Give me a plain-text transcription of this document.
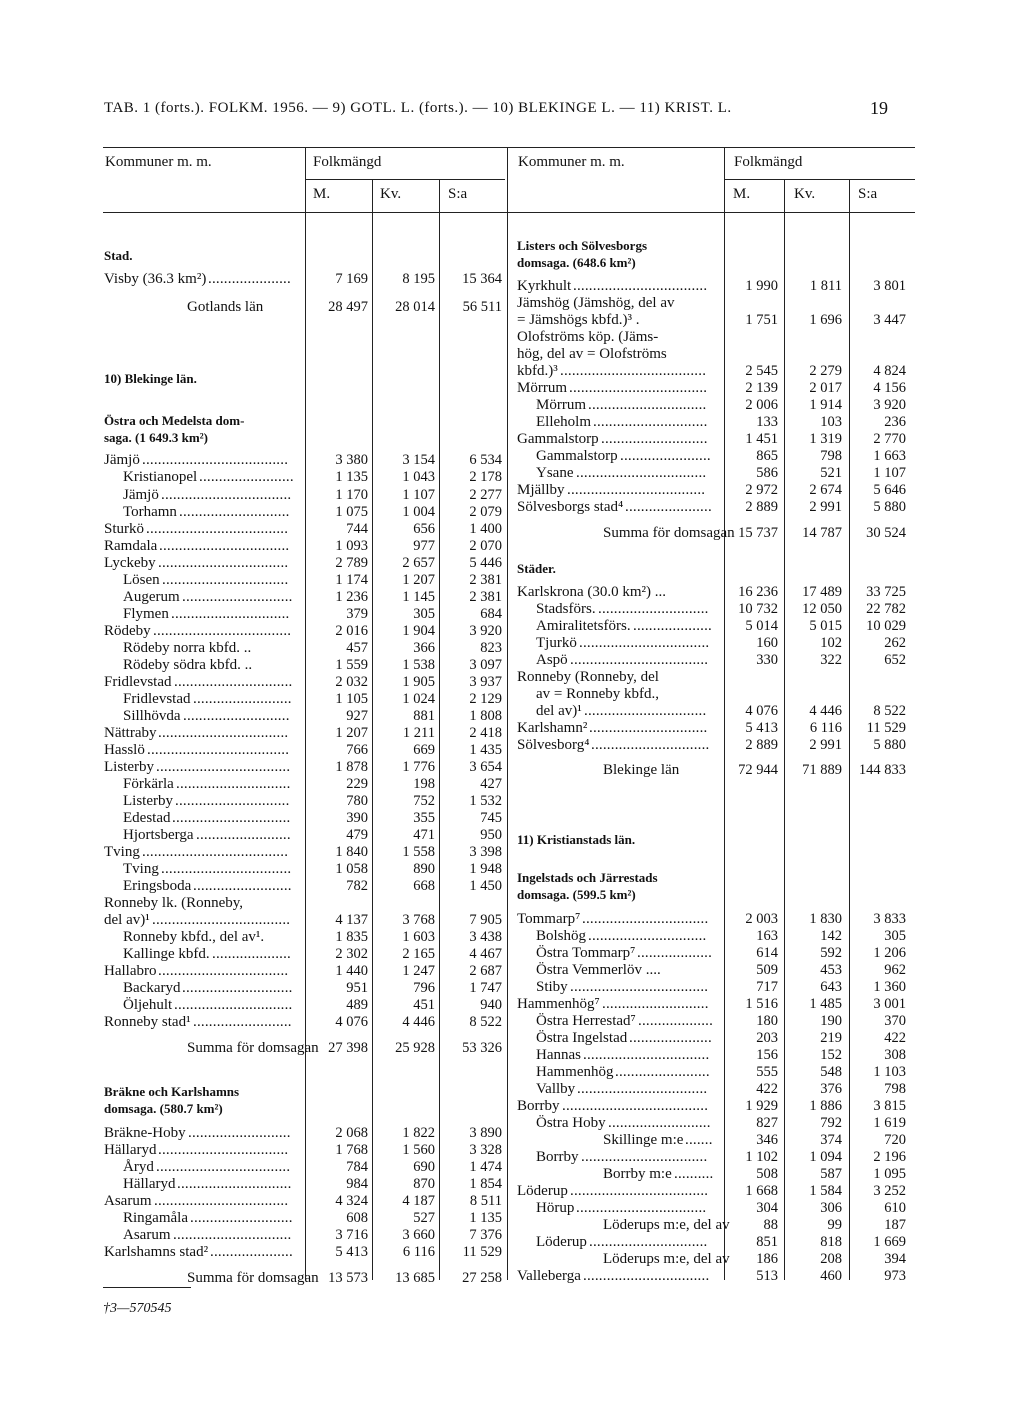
TAB. 1 (forts.). FOLKM. 1956. — 9) GOTL. L. (forts.). — 10) BLEKINGE L. — 11) KRIST. L.	19
Kommuner m. m.	Folkmängd	Kommuner m. m.	Folkmängd
M.	Kv.	S:a	M.	Kv.	S:a
Stad.
Visby (36.3 km²) .....................	7 169	8 195	15 364
Gotlands län	28 497	28 014	56 511
10) Blekinge län.
Östra och Medelsta dom-
saga. (1 649.3 km²)
Jämjö .....................................	3 380	3 154	6 534
Kristianopel ........................	1 135	1 043	2 178
Jämjö .................................	1 170	1 107	2 277
Torhamn ............................	1 075	1 004	2 079
Sturkö ....................................	744	656	1 400
Ramdala .................................	1 093	977	2 070
Lyckeby .................................	2 789	2 657	5 446
Lösen ................................	1 174	1 207	2 381
Augerum ............................	1 236	1 145	2 381
Flymen ..............................	379	305	684
Rödeby ...................................	2 016	1 904	3 920
Rödeby norra kbfd. ..	457	366	823
Rödeby södra kbfd. ..	1 559	1 538	3 097
Fridlevstad ..............................	2 032	1 905	3 937
Fridlevstad .........................	1 105	1 024	2 129
Sillhövda ...........................	927	881	1 808
Nättraby .................................	1 207	1 211	2 418
Hasslö ....................................	766	669	1 435
Listerby ..................................	1 878	1 776	3 654
Förkärla .............................	229	198	427
Listerby .............................	780	752	1 532
Edestad ..............................	390	355	745
Hjortsberga ........................	479	471	950
Tving .....................................	1 840	1 558	3 398
Tving .................................	1 058	890	1 948
Eringsboda .........................	782	668	1 450
Ronneby lk. (Ronneby,
del av)¹ ...................................	4 137	3 768	7 905
Ronneby kbfd., del av¹.	1 835	1 603	3 438
Kallinge kbfd. ....................	2 302	2 165	4 467
Hallabro .................................	1 440	1 247	2 687
Backaryd ............................	951	796	1 747
Öljehult ..............................	489	451	940
Ronneby stad¹ .........................	4 076	4 446	8 522
Summa för domsagan 27 398	25 928	53 326
Bräkne och Karlshamns
domsaga. (580.7 km²)
Bräkne-Hoby ..........................	2 068	1 822	3 890
Hällaryd .................................	1 768	1 560	3 328
Åryd ..................................	784	690	1 474
Hällaryd .............................	984	870	1 854
Asarum ..................................	4 324	4 187	8 511
Ringamåla ..........................	608	527	1 135
Asarum ..............................	3 716	3 660	7 376
Karlshamns stad² .....................	5 413	6 116	11 529
Summa för domsagan 13 573	13 685	27 258
Listers och Sölvesborgs
domsaga. (648.6 km²)
Kyrkhult ..................................	1 990	1 811	3 801
Jämshög (Jämshög, del av
= Jämshögs kbfd.)³ .	1 751	1 696	3 447
Olofströms köp. (Jäms-
hög, del av = Olofströms
kbfd.)³ .....................................	2 545	2 279	4 824
Mörrum ...................................	2 139	2 017	4 156
Mörrum ..............................	2 006	1 914	3 920
Elleholm .............................	133	103	236
Gammalstorp ...........................	1 451	1 319	2 770
Gammalstorp .......................	865	798	1 663
Ysane .................................	586	521	1 107
Mjällby ...................................	2 972	2 674	5 646
Sölvesborgs stad⁴ ......................	2 889	2 991	5 880
Summa för domsagan 15 737	14 787	30 524
Städer.
Karlskrona (30.0 km²) ...	16 236	17 489	33 725
Stadsförs. ............................	10 732	12 050	22 782
Amiralitetsförs. ....................	5 014	5 015	10 029
Tjurkö .................................	160	102	262
Aspö ...................................	330	322	652
Ronneby (Ronneby, del
av = Ronneby kbfd.,
del av)¹ ...............................	4 076	4 446	8 522
Karlshamn² ..............................	5 413	6 116	11 529
Sölvesborg⁴ ..............................	2 889	2 991	5 880
Blekinge län	72 944	71 889	144 833
11) Kristianstads län.
Ingelstads och Järrestads
domsaga. (599.5 km²)
Tommarp⁷ ................................	2 003	1 830	3 833
Bolshög ..............................	163	142	305
Östra Tommarp⁷ ...................	614	592	1 206
Östra Vemmerlöv ....	509	453	962
Stiby ...................................	717	643	1 360
Hammenhög⁷ ...........................	1 516	1 485	3 001
Östra Herrestad⁷ ...................	180	190	370
Östra Ingelstad .....................	203	219	422
Hannas ................................	156	152	308
Hammenhög ........................	555	548	1 103
Vallby .................................	422	376	798
Borrby .....................................	1 929	1 886	3 815
Östra Hoby ..........................	827	792	1 619
Skillinge m:e .......	346	374	720
Borrby ................................	1 102	1 094	2 196
Borrby m:e ..........	508	587	1 095
Löderup ...................................	1 668	1 584	3 252
Hörup .................................	304	306	610
Löderups m:e, del av	88	99	187
Löderup ..............................	851	818	1 669
Löderups m:e, del av	186	208	394
Valleberga ................................	513	460	973
†3—570545
